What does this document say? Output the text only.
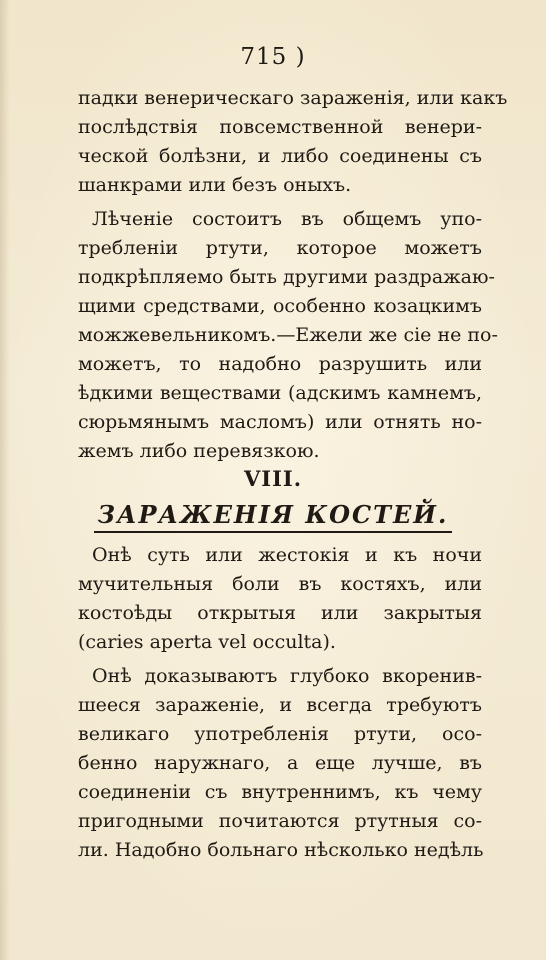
715 )
падки венерическаго зараженія, или какъ
послѣдствія повсемственной венери-
ческой болѣзни, и либо соединены съ
шанкрами или безъ оныхъ.
Лѣченіе состоитъ въ общемъ упо-
требленіи ртути, которое можетъ
подкрѣпляемо быть другими раздражаю-
щими средствами, особенно козацкимъ
можжевельникомъ.—Ежели же сіе не по-
можетъ, то надобно разрушить или
ѣдкими веществами (адскимъ камнемъ,
сюрьмянымъ масломъ) или отнять но-
жемъ либо перевязкою.
VIII.
ЗАРАЖЕНІЯ КОСТЕЙ.
Онѣ суть или жестокія и къ ночи
мучительныя боли въ костяхъ, или
костоѣды открытыя или закрытыя
(caries aperta vel occulta).
Онѣ доказываютъ глубоко вкоренив-
шееся зараженіе, и всегда требуютъ
великаго употребленія ртути, осо-
бенно наружнаго, а еще лучше, въ
соединеніи съ внутреннимъ, къ чему
пригодными почитаются ртутныя со-
ли. Надобно больнаго нѣсколько недѣль
